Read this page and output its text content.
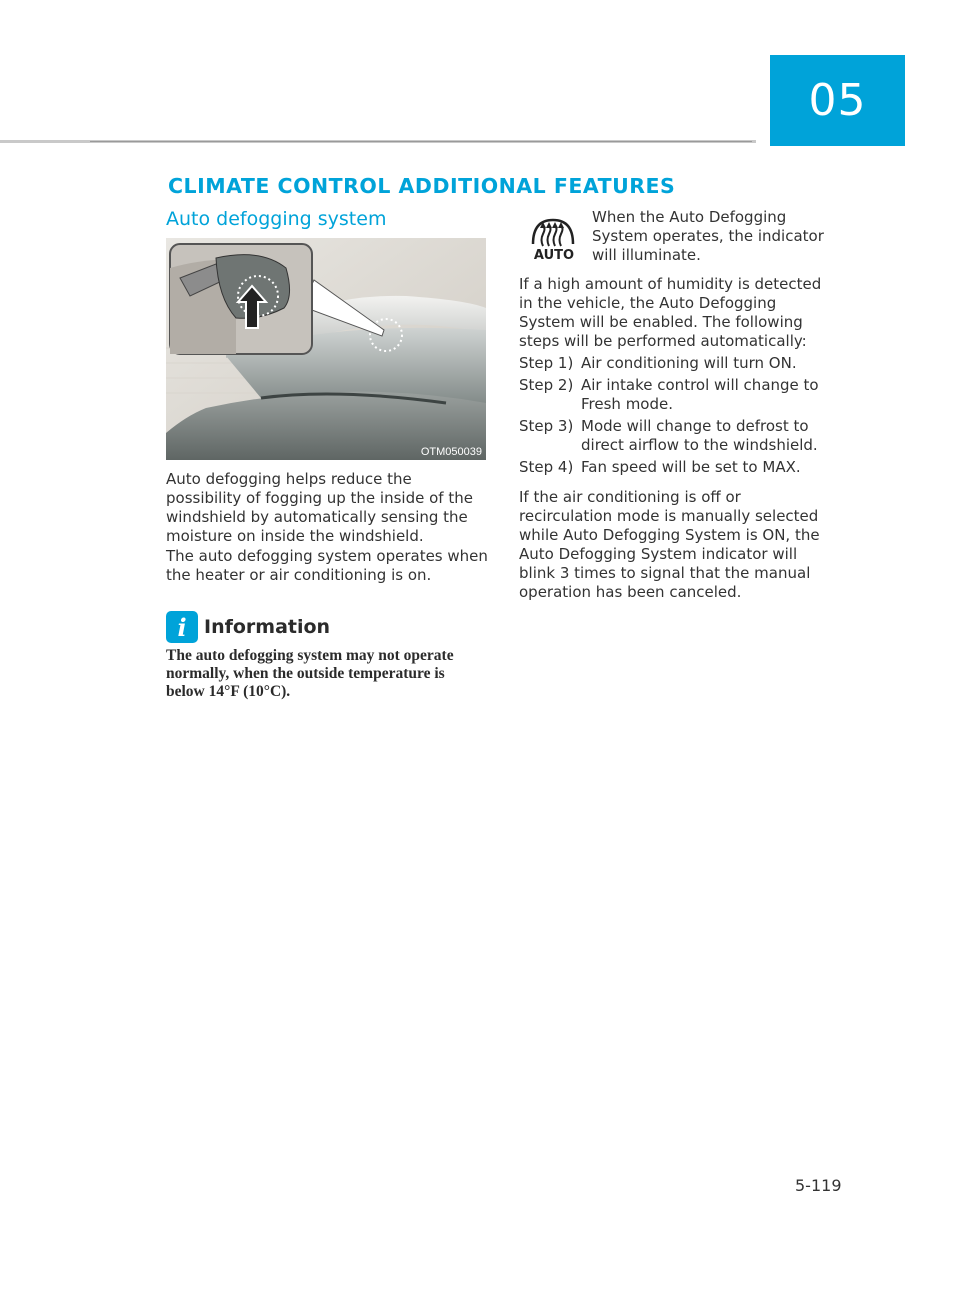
05
CLIMATE CONTROL ADDITIONAL FEATURES
Auto defogging system
OTM050039

Auto defogging helps reduce the possibility of fogging up the inside of the windshield by automatically sensing the moisture on inside the windshield.

The auto defogging system operates when the heater or air conditioning is on.

i Information

The auto defogging system may not operate normally, when the outside temperature is below 14°F (10°C).

AUTO

When the Auto Defogging System operates, the indicator will illuminate.

If a high amount of humidity is detected in the vehicle, the Auto Defogging System will be enabled. The following steps will be performed automatically:

Step 1) Air conditioning will turn ON.
Step 2) Air intake control will change to Fresh mode.
Step 3) Mode will change to defrost to direct airflow to the windshield.
Step 4) Fan speed will be set to MAX.

If the air conditioning is off or recirculation mode is manually selected while Auto Defogging System is ON, the Auto Defogging System indicator will blink 3 times to signal that the manual operation has been canceled.

5-119
